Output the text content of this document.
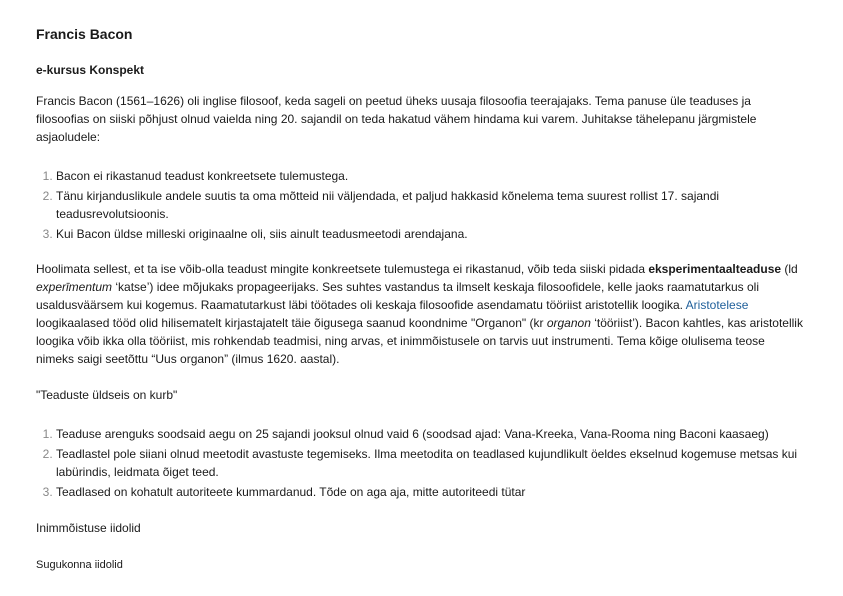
Francis Bacon
e-kursus Konspekt

Francis Bacon (1561–1626) oli inglise filosoof, keda sageli on peetud üheks uusaja filosoofia teerajajaks. Tema panuse üle teaduses ja filosoofias on siiski põhjust olnud vaielda ning 20. sajandil on teda hakatud vähem hindama kui varem. Juhitakse tähelepanu järgmistele asjaoludele:

1. Bacon ei rikastanud teadust konkreetsete tulemustega.
2. Tänu kirjanduslikule andele suutis ta oma mõtteid nii väljendada, et paljud hakkasid kõnelema tema suurest rollist 17. sajandi teadusrevolutsioonis.
3. Kui Bacon üldse milleski originaalne oli, siis ainult teadusmeetodi arendajana.

Hoolimata sellest, et ta ise võib-olla teadust mingite konkreetsete tulemustega ei rikastanud, võib teda siiski pidada eksperimentaalteaduse (ld experīmentum ‘katse’) idee mõjukaks propageerijaks. Ses suhtes vastandus ta ilmselt keskaja filosoofidele, kelle jaoks raamatutarkus oli usaldusväärsem kui kogemus. Raamatutarkust läbi töötades oli keskaja filosoofide asendamatu tööriist aristotellik loogika. Aristotelese loogikaalased tööd olid hilisematelt kirjastajatelt täie õigusega saanud koondnime "Organon" (kr organon ‘tööriist’). Bacon kahtles, kas aristotellik loogika võib ikka olla tööriist, mis rohkendab teadmisi, ning arvas, et inimmõistusele on tarvis uut instrumenti. Tema kõige olulisema teose nimeks saigi seetõttu “Uus organon” (ilmus 1620. aastal).

"Teaduste üldseis on kurb"

1. Teaduse arenguks soodsaid aegu on 25 sajandi jooksul olnud vaid 6 (soodsad ajad: Vana-Kreeka, Vana-Rooma ning Baconi kaasaeg)
2. Teadlastel pole siiani olnud meetodit avastuste tegemiseks. Ilma meetodita on teadlased kujundlikult öeldes ekselnud kogemuse metsas kui labürindis, leidmata õiget teed.
3. Teadlased on kohatult autoriteete kummardanud. Tõde on aga aja, mitte autoriteedi tütar

Inimmõistuse iidolid

Sugukonna iidolid
